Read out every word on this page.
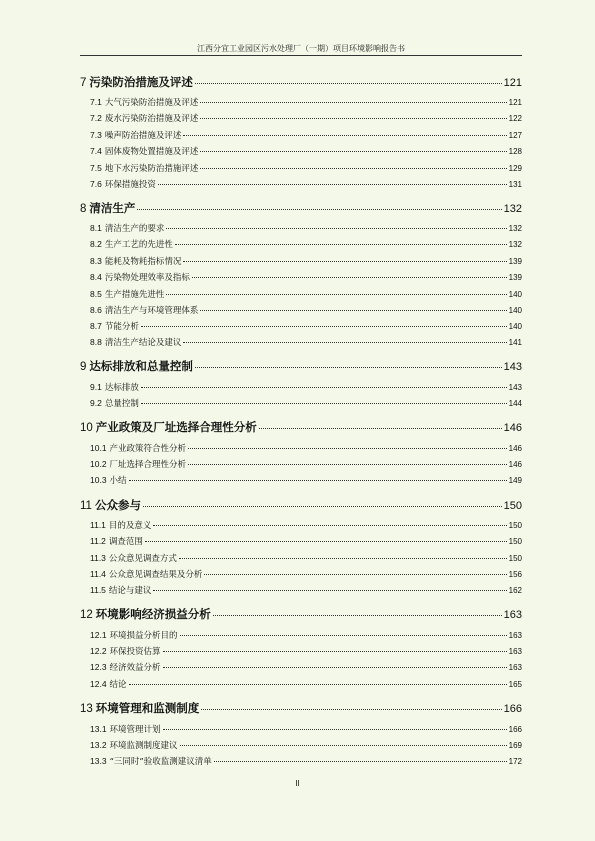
江西分宜工业园区污水处理厂（一期）项目环境影响报告书
7 污染防治措施及评述	121
7.1 大气污染防治措施及评述	121
7.2 废水污染防治措施及评述	122
7.3 噪声防治措施及评述	127
7.4 固体废物处置措施及评述	128
7.5 地下水污染防治措施评述	129
7.6 环保措施投资	131
8 清洁生产	132
8.1 清洁生产的要求	132
8.2 生产工艺的先进性	132
8.3 能耗及物耗指标情况	139
8.4 污染物处理效率及指标	139
8.5 生产措施先进性	140
8.6 清洁生产与环境管理体系	140
8.7 节能分析	140
8.8 清洁生产结论及建议	141
9 达标排放和总量控制	143
9.1 达标排放	143
9.2 总量控制	144
10 产业政策及厂址选择合理性分析	146
10.1 产业政策符合性分析	146
10.2 厂址选择合理性分析	146
10.3 小结	149
11 公众参与	150
11.1 目的及意义	150
11.2 调查范围	150
11.3 公众意见调查方式	150
11.4 公众意见调查结果及分析	156
11.5 结论与建议	162
12 环境影响经济损益分析	163
12.1 环境损益分析目的	163
12.2 环保投资估算	163
12.3 经济效益分析	163
12.4 结论	165
13 环境管理和监测制度	166
13.1 环境管理计划	166
13.2 环境监测制度建议	169
13.3 “三同时”验收监测建议清单	172
II
